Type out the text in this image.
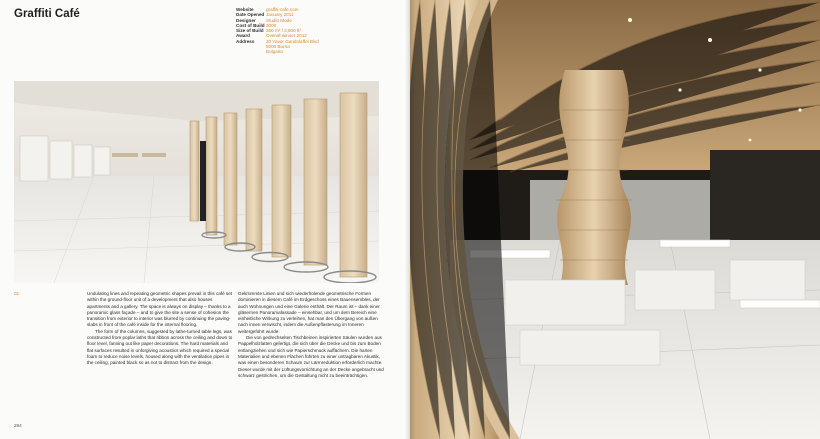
Graffiti Café	Website	graffiti-cafe.com
Date Opened January 2011
Designer	Studio Mode
Cost of Build 3000
Size of Build 380 m² / 3,800 ft²
Award	Overall winner 2012
Address	20 Yavor Gandolaffel Blvd
5000 Burna
Bulgaria
01	Undulating lines and repeating geometric shapes prevail in this café set within the ground-floor unit of a development that also houses apartments and a gallery. The space is always on display – thanks to a panoramic glass façade – and to give the site a sense of cohesion the transition from exterior to interior was blurred by continuing the paving-slabs in front of the café inside for the internal flooring.

The form of the columns, suggested by lathe-turned table legs, was constructed from poplar laths that ribbon across the ceiling and down to floor level, fanning out like paper decorations. The hard materials and flat surfaces resulted in unforgiving acoustics which required a special foam to reduce noise levels, housed along with the ventilation pipes in the ceiling, painted black so as not to distract from the design.

Gekrümmte Linien und sich wiederholende geometrische Formen dominieren in diesem Café im Erdgeschoss eines Bauensembles, der auch Wohnungen und eine Galerie enthält. Der Raum ist – dank einer gläsernen Panoramafassade – einsehbar, und um dem Bereich eine einheitliche Wirkung zu verleihen, hat man den Übergang von außen nach innen verwischt, indem die Außenpflasterung im Inneren weitergeführt wurde.

Die von gedrechselten Tischbeinen inspirierten Säulen wurden aus Pappelholzlatten gefertigt, die sich über die Decke und bis zum Boden entlangziehen und sich wie Papierschmuck auffächern. Die harten Materialien und ebenen Flächen führten zu einer untragbaren Akustik, was einen besonderen Schaum zur Lärmreduktion erforderlich machte. Dieser wurde mit der Lüftungsvorrichtung an der Decke angebracht und schwarz gestrichen, um die Gestaltung nicht zu beeinträchtigen.

284
